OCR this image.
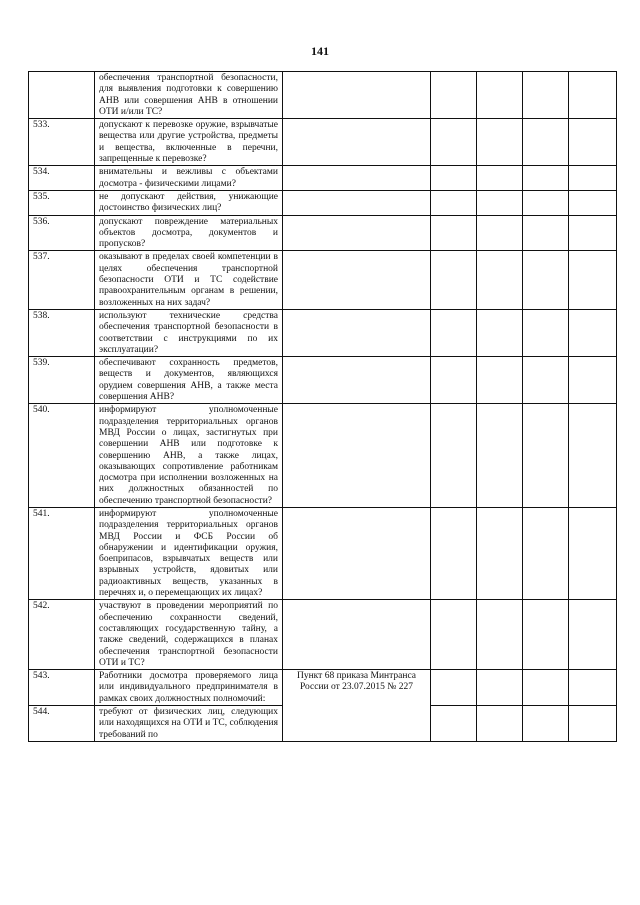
141
	обеспечения транспортной безопасности, для выявления подготовки к совершению АНВ или совершения АНВ в отношении ОТИ и/или ТС?					
533.	допускают к перевозке оружие, взрывчатые вещества или другие устройства, предметы и вещества, включенные в перечни, запрещенные к перевозке?					
534.	внимательны и вежливы с объектами досмотра - физическими лицами?					
535.	не допускают действия, унижающие достоинство физических лиц?					
536.	допускают повреждение материальных объектов досмотра, документов и пропусков?					
537.	оказывают в пределах своей компетенции в целях обеспечения транспортной безопасности ОТИ и ТС содействие правоохранительным органам в решении, возложенных на них задач?					
538.	используют технические средства обеспечения транспортной безопасности в соответствии с инструкциями по их эксплуатации?					
539.	обеспечивают сохранность предметов, веществ и документов, являющихся орудием совершения АНВ, а также места совершения АНВ?					
540.	информируют уполномоченные подразделения территориальных органов МВД России о лицах, застигнутых при совершении АНВ или подготовке к совершению АНВ, а также лицах, оказывающих сопротивление работникам досмотра при исполнении возложенных на них должностных обязанностей по обеспечению транспортной безопасности?					
541.	информируют уполномоченные подразделения территориальных органов МВД России и ФСБ России об обнаружении и идентификации оружия, боеприпасов, взрывчатых веществ или взрывных устройств, ядовитых или радиоактивных веществ, указанных в перечнях и, о перемещающих их лицах?					
542.	участвуют в проведении мероприятий по обеспечению сохранности сведений, составляющих государственную тайну, а также сведений, содержащихся в планах обеспечения транспортной безопасности ОТИ и ТС?					
543.	Работники досмотра проверяемого лица или индивидуального предпринимателя в рамках своих должностных полномочий:	Пункт 68 приказа Минтранса России от 23.07.2015 № 227				
544.	требуют от физических лиц, следующих или находящихся на ОТИ и ТС, соблюдения требований по					
